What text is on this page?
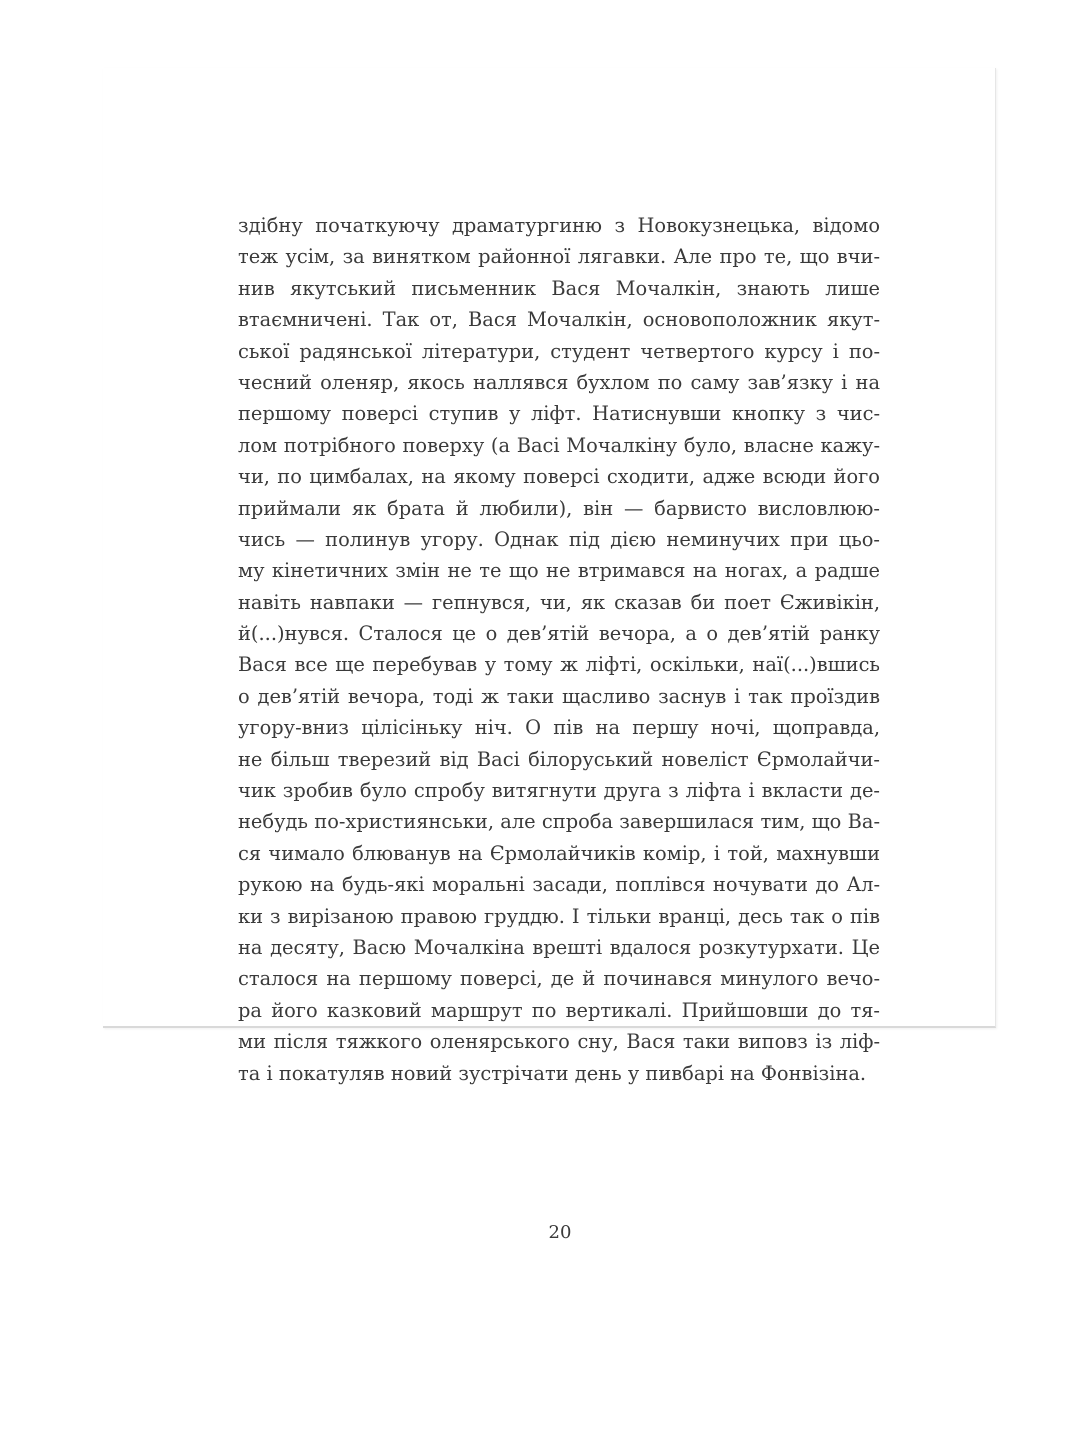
здібну початкуючу драматургиню з Новокузнецька, відомо
теж усім, за винятком районної лягавки. Але про те, що вчи-
нив якутський письменник Вася Мочалкін, знають лише
втаємничені. Так от, Вася Мочалкін, основоположник якут-
ської радянської літератури, студент четвертого курсу і по-
чесний оленяр, якось наллявся бухлом по саму зав’язку і на
першому поверсі ступив у ліфт. Натиснувши кнопку з чис-
лом потрібного поверху (а Васі Мочалкіну було, власне кажу-
чи, по цимбалах, на якому поверсі сходити, адже всюди його
приймали як брата й любили), він — барвисто висловлюю-
чись — полинув угору. Однак під дією неминучих при цьо-
му кінетичних змін не те що не втримався на ногах, а радше
навіть навпаки — гепнувся, чи, як сказав би поет Єживікін,
й(...)нувся. Сталося це о дев’ятій вечора, а о дев’ятій ранку
Вася все ще перебував у тому ж ліфті, оскільки, наї(...)вшись
о дев’ятій вечора, тоді ж таки щасливо заснув і так проїздив
угору-вниз цілісіньку ніч. О пів на першу ночі, щоправда,
не більш тверезий від Васі білоруський новеліст Єрмолайчи-
чик зробив було спробу витягнути друга з ліфта і вкласти де-
небудь по-християнськи, але спроба завершилася тим, що Ва-
ся чимало блюванув на Єрмолайчиків комір, і той, махнувши
рукою на будь-які моральні засади, поплівся ночувати до Ал-
ки з вирізаною правою груддю. І тільки вранці, десь так о пів
на десяту, Васю Мочалкіна врешті вдалося розкутурхати. Це
сталося на першому поверсі, де й починався минулого вечо-
ра його казковий маршрут по вертикалі. Прийшовши до тя-
ми після тяжкого оленярського сну, Вася таки виповз із ліф-
та і покатуляв новий зустрічати день у пивбарі на Фонвізіна.
20
